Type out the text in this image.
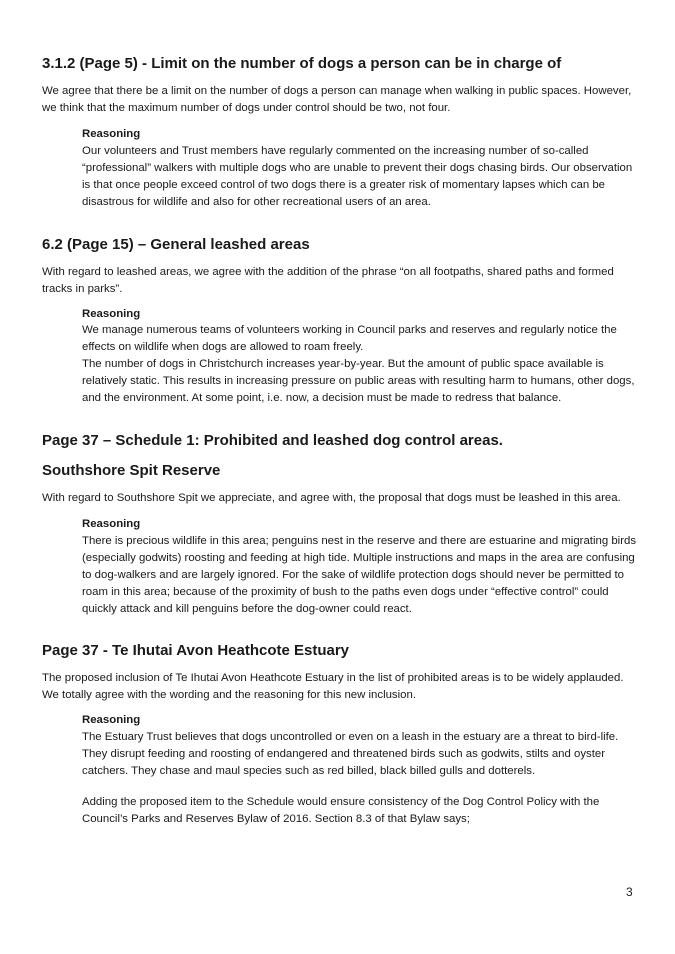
3.1.2 (Page 5) - Limit on the number of dogs a person can be in charge of

We agree that there be a limit on the number of dogs a person can manage when walking in public spaces. However, we think that the maximum number of dogs under control should be two, not four.

Reasoning

Our volunteers and Trust members have regularly commented on the increasing number of so-called “professional” walkers with multiple dogs who are unable to prevent their dogs chasing birds. Our observation is that once people exceed control of two dogs there is a greater risk of momentary lapses which can be disastrous for wildlife and also for other recreational users of an area.

6.2 (Page 15) – General leashed areas

With regard to leashed areas, we agree with the addition of the phrase “on all footpaths, shared paths and formed tracks in parks”.

Reasoning

We manage numerous teams of volunteers working in Council parks and reserves and regularly notice the effects on wildlife when dogs are allowed to roam freely.

The number of dogs in Christchurch increases year-by-year. But the amount of public space available is relatively static. This results in increasing pressure on public areas with resulting harm to humans, other dogs, and the environment. At some point, i.e. now, a decision must be made to redress that balance.

Page 37 – Schedule 1: Prohibited and leashed dog control areas.
Southshore Spit Reserve

With regard to Southshore Spit we appreciate, and agree with, the proposal that dogs must be leashed in this area.

Reasoning

There is precious wildlife in this area; penguins nest in the reserve and there are estuarine and migrating birds (especially godwits) roosting and feeding at high tide. Multiple instructions and maps in the area are confusing to dog-walkers and are largely ignored. For the sake of wildlife protection dogs should never be permitted to roam in this area; because of the proximity of bush to the paths even dogs under “effective control” could quickly attack and kill penguins before the dog-owner could react.

Page 37 - Te Ihutai Avon Heathcote Estuary

The proposed inclusion of Te Ihutai Avon Heathcote Estuary in the list of prohibited areas is to be widely applauded. We totally agree with the wording and the reasoning for this new inclusion.

Reasoning

The Estuary Trust believes that dogs uncontrolled or even on a leash in the estuary are a threat to bird-life. They disrupt feeding and roosting of endangered and threatened birds such as godwits, stilts and oyster catchers. They chase and maul species such as red billed, black billed gulls and dotterels.

Adding the proposed item to the Schedule would ensure consistency of the Dog Control Policy with the Council’s Parks and Reserves Bylaw of 2016. Section 8.3 of that Bylaw says;

3
